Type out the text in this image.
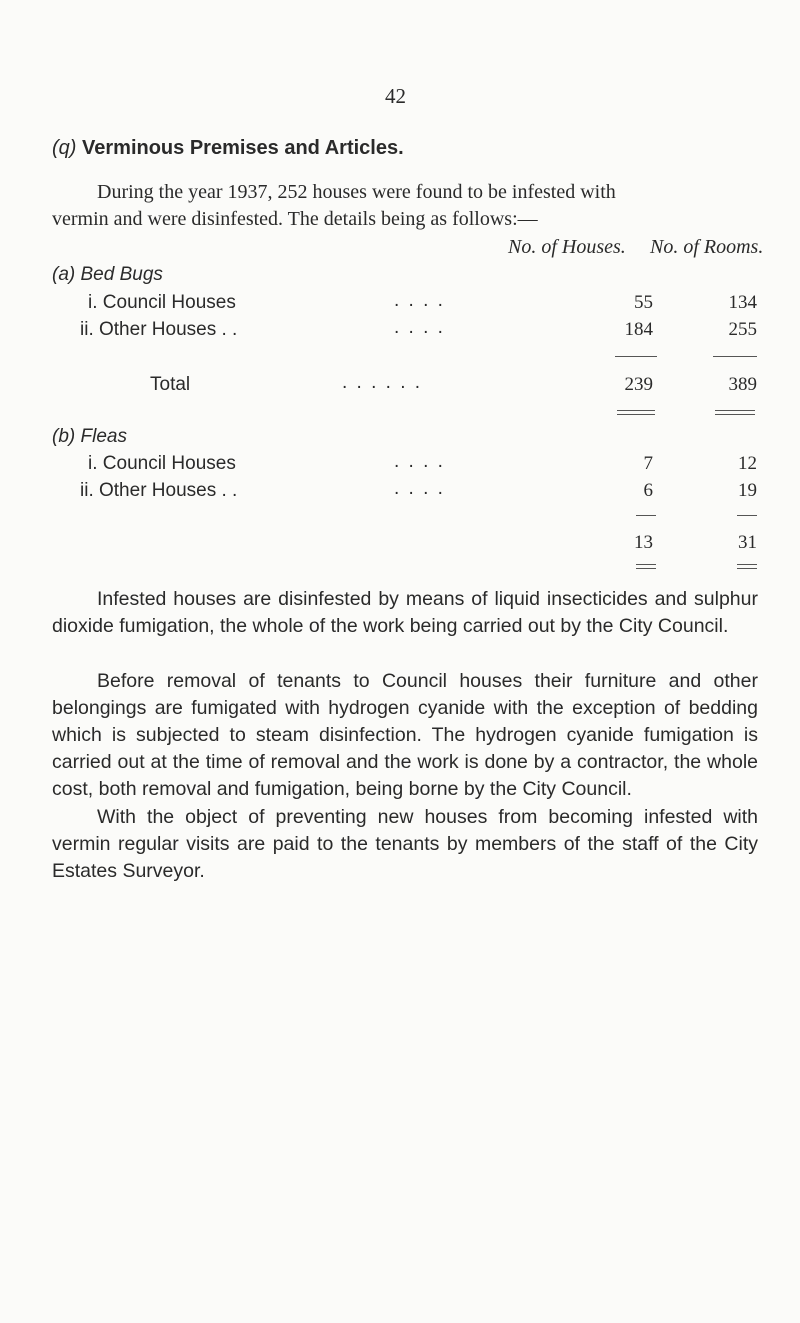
42
(q) Verminous Premises and Articles.
During the year 1937, 252 houses were found to be infested with
vermin and were disinfested. The details being as follows:—
No. of Houses. No. of Rooms.
(a) Bed Bugs
i. Council Houses	. . . .	55	134
ii. Other Houses . .	. . . .	184	255
Total	. . . . . .	239	389
(b) Fleas
i. Council Houses	. . . .	7	12
ii. Other Houses . .	. . . .	6	19
13	31
Infested houses are disinfested by means of liquid insecticides and sulphur dioxide fumigation, the whole of the work being carried out by the City Council.
Before removal of tenants to Council houses their furniture and other belongings are fumigated with hydrogen cyanide with the exception of bedding which is subjected to steam disinfection. The hydrogen cyanide fumigation is carried out at the time of removal and the work is done by a contractor, the whole cost, both removal and fumigation, being borne by the City Council.
With the object of preventing new houses from becoming infested with vermin regular visits are paid to the tenants by members of the staff of the City Estates Surveyor.
